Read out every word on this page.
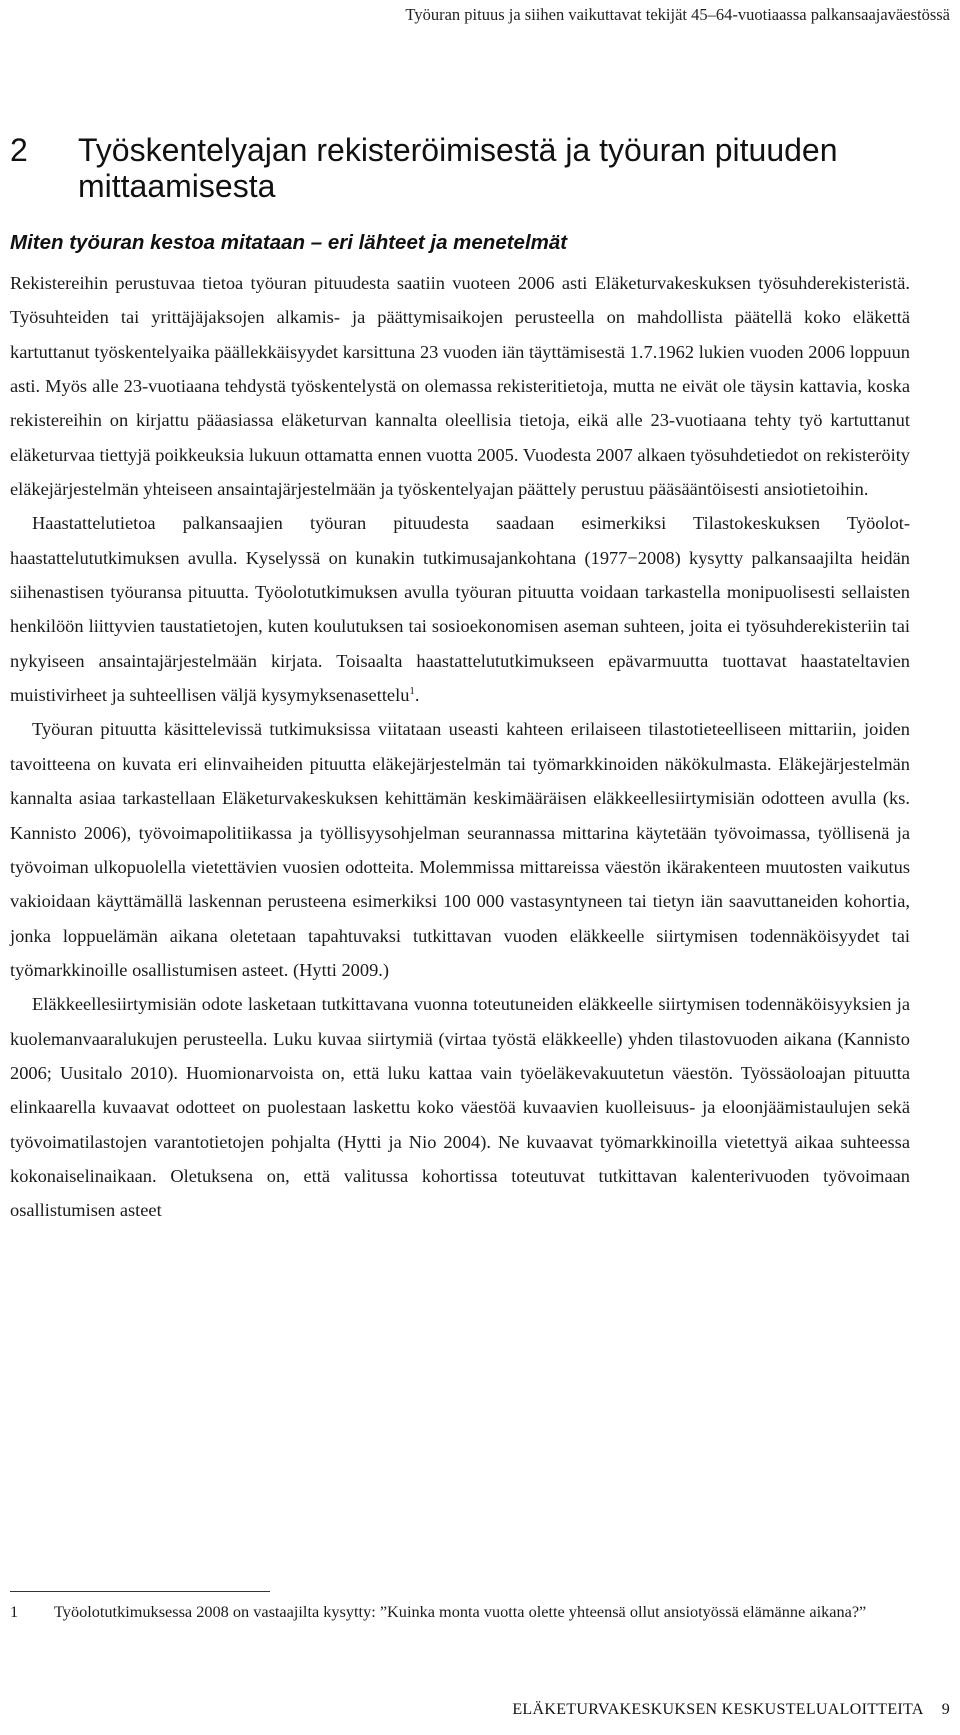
Työuran pituus ja siihen vaikuttavat tekijät 45–64-vuotiaassa palkansaajaväestössä
2	Työskentelyajan rekisteröimisestä ja työuran pituuden mittaamisesta
Miten työuran kestoa mitataan – eri lähteet ja menetelmät

Rekistereihin perustuvaa tietoa työuran pituudesta saatiin vuoteen 2006 asti Eläketurvakeskuksen työsuhderekisteristä. Työsuhteiden tai yrittäjäjaksojen alkamis- ja päättymisaikojen perusteella on mahdollista päätellä koko eläkettä kartuttanut työskentelyaika päällekkäisyydet karsittuna 23 vuoden iän täyttämisestä 1.7.1962 lukien vuoden 2006 loppuun asti. Myös alle 23-vuotiaana tehdystä työskentelystä on olemassa rekisteritietoja, mutta ne eivät ole täysin kattavia, koska rekistereihin on kirjattu pääasiassa eläketurvan kannalta oleellisia tietoja, eikä alle 23-vuotiaana tehty työ kartuttanut eläketurvaa tiettyjä poikkeuksia lukuun ottamatta ennen vuotta 2005. Vuodesta 2007 alkaen työsuhdetiedot on rekisteröity eläkejärjestelmän yhteiseen ansaintajärjestelmään ja työskentelyajan päättely perustuu pääsääntöisesti ansiotietoihin.

Haastattelutietoa palkansaajien työuran pituudesta saadaan esimerkiksi Tilastokeskuksen Työolot-haastattelututkimuksen avulla. Kyselyssä on kunakin tutkimusajankohtana (1977−2008) kysytty palkansaajilta heidän siihenastisen työuransa pituutta. Työolotutkimuksen avulla työuran pituutta voidaan tarkastella monipuolisesti sellaisten henkilöön liittyvien taustatietojen, kuten koulutuksen tai sosioekonomisen aseman suhteen, joita ei työsuhderekisteriin tai nykyiseen ansaintajärjestelmään kirjata. Toisaalta haastattelututkimukseen epävarmuutta tuottavat haastateltavien muistivirheet ja suhteellisen väljä kysymyksenasettelu$^1$.

Työuran pituutta käsittelevissä tutkimuksissa viitataan useasti kahteen erilaiseen tilastotieteelliseen mittariin, joiden tavoitteena on kuvata eri elinvaiheiden pituutta eläkejärjestelmän tai työmarkkinoiden näkökulmasta. Eläkejärjestelmän kannalta asiaa tarkastellaan Eläketurvakeskuksen kehittämän keskimääräisen eläkkeellesiirtymisiän odotteen avulla (ks. Kannisto 2006), työvoimapolitiikassa ja työllisyysohjelman seurannassa mittarina käytetään työvoimassa, työllisenä ja työvoiman ulkopuolella vietettävien vuosien odotteita. Molemmissa mittareissa väestön ikärakenteen muutosten vaikutus vakioidaan käyttämällä laskennan perusteena esimerkiksi 100 000 vastasyntyneen tai tietyn iän saavuttaneiden kohortia, jonka loppuelämän aikana oletetaan tapahtuvaksi tutkittavan vuoden eläkkeelle siirtymisen todennäköisyydet tai työmarkkinoille osallistumisen asteet. (Hytti 2009.)

Eläkkeellesiirtymisiän odote lasketaan tutkittavana vuonna toteutuneiden eläkkeelle siirtymisen todennäköisyyksien ja kuolemanvaaralukujen perusteella. Luku kuvaa siirtymiä (virtaa työstä eläkkeelle) yhden tilastovuoden aikana (Kannisto 2006; Uusitalo 2010). Huomionarvoista on, että luku kattaa vain työeläkevakuutetun väestön. Työssäoloajan pituutta elinkaarella kuvaavat odotteet on puolestaan laskettu koko väestöä kuvaavien kuolleisuus- ja eloonjäämistaulujen sekä työvoimatilastojen varantotietojen pohjalta (Hytti ja Nio 2004). Ne kuvaavat työmarkkinoilla vietettyä aikaa suhteessa kokonaiselinaikaan. Oletuksena on, että valitussa kohortissa toteutuvat tutkittavan kalenterivuoden työvoimaan osallistumisen asteet

1	Työolotutkimuksessa 2008 on vastaajilta kysytty: ”Kuinka monta vuotta olette yhteensä ollut ansiotyössä elämänne aikana?”
ELÄKETURVAKESKUKSEN KESKUSTELUALOITTEITA 9
